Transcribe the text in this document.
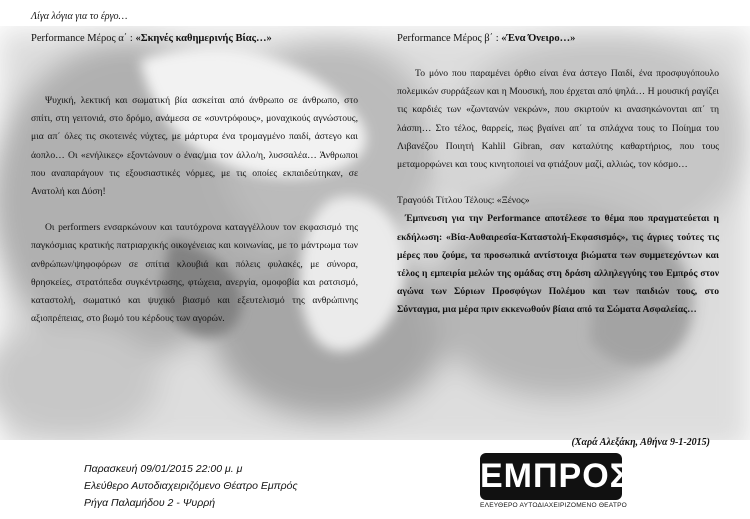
Λίγα λόγια για το έργο…
Performance Μέρος α΄ : «Σκηνές καθημερινής Βίας…»	Performance Μέρος β΄ : «Ένα Όνειρο…»

Ψυχική, λεκτική και σωματική βία ασκείται από άνθρωπο σε άνθρωπο, στο σπίτι, στη γειτονιά, στο δρόμο, ανάμεσα σε «συντρόφους», μοναχικούς αγνώστους, μια απ΄ όλες τις σκοτεινές νύχτες, με μάρτυρα ένα τρομαγμένο παιδί, άστεγο και άοπλο… Οι «ενήλικες» εξοντώνουν ο ένας/μια τον άλλο/η, λυσσαλέα… Άνθρωποι που αναπαράγουν τις εξουσιαστικές νόρμες, με τις οποίες εκπαιδεύτηκαν, σε Ανατολή και Δύση!

Οι performers ενσαρκώνουν και ταυτόχρονα καταγγέλλουν τον εκφασισμό της παγκόσμιας κρατικής πατριαρχικής οικογένειας και κοινωνίας, με το μάντρωμα των ανθρώπων/ψηφοφόρων σε σπίτια κλουβιά και πόλεις φυλακές, με σύνορα, θρησκείες, στρατόπεδα συγκέντρωσης, φτώχεια, ανεργία, ομοφοβία και ρατσισμό, καταστολή, σωματικό και ψυχικό βιασμό και εξευτελισμό της ανθρώπινης αξιοπρέπειας, στο βωμό του κέρδους των αγορών.

Το μόνο που παραμένει όρθιο είναι ένα άστεγο Παιδί, ένα προσφυγόπουλο πολεμικών συρράξεων και η Μουσική, που έρχεται από ψηλά… Η μουσική ραγίζει τις καρδιές των «ζωντανών νεκρών», που σκιρτούν κι ανασηκώνονται απ΄ τη λάσπη… Στο τέλος, θαρρείς, πως βγαίνει απ΄ τα σπλάχνα τους το Ποίημα του Λιβανέζου Ποιητή Kahlil Gibran, σαν καταλύτης καθαρτήριος, που τους μεταμορφώνει και τους κινητοποιεί να φτιάξουν μαζί, αλλιώς, τον κόσμο…

Τραγούδι Τίτλου Τέλους: «Ξένος»

Έμπνευση για την Performance αποτέλεσε το θέμα που πραγματεύεται η εκδήλωση: «Βία-Αυθαιρεσία-Καταστολή-Εκφασισμός», τις άγριες τούτες τις μέρες που ζούμε, τα προσωπικά αντίστοιχα βιώματα των συμμετεχόντων και τέλος η εμπειρία μελών της ομάδας στη δράση αλληλεγγύης του Εμπρός στον αγώνα των Σύριων Προσφύγων Πολέμου και των παιδιών τους, στο Σύνταγμα, μια μέρα πριν εκκενωθούν βίαια από τα Σώματα Ασφαλείας…

(Χαρά Αλεξάκη, Αθήνα 9-1-2015)
Παρασκευή 09/01/2015 22:00 μ. μ
Ελεύθερο Αυτοδιαχειριζόμενο Θέατρο Εμπρός
Ρήγα Παλαμήδου 2 - Ψυρρή
ΕΜΠΡΟΣ
ΕΛΕΥΘΕΡΟ ΑΥΤΟΔΙΑΧΕΙΡΙΖΟΜΕΝΟ ΘΕΑΤΡΟ
